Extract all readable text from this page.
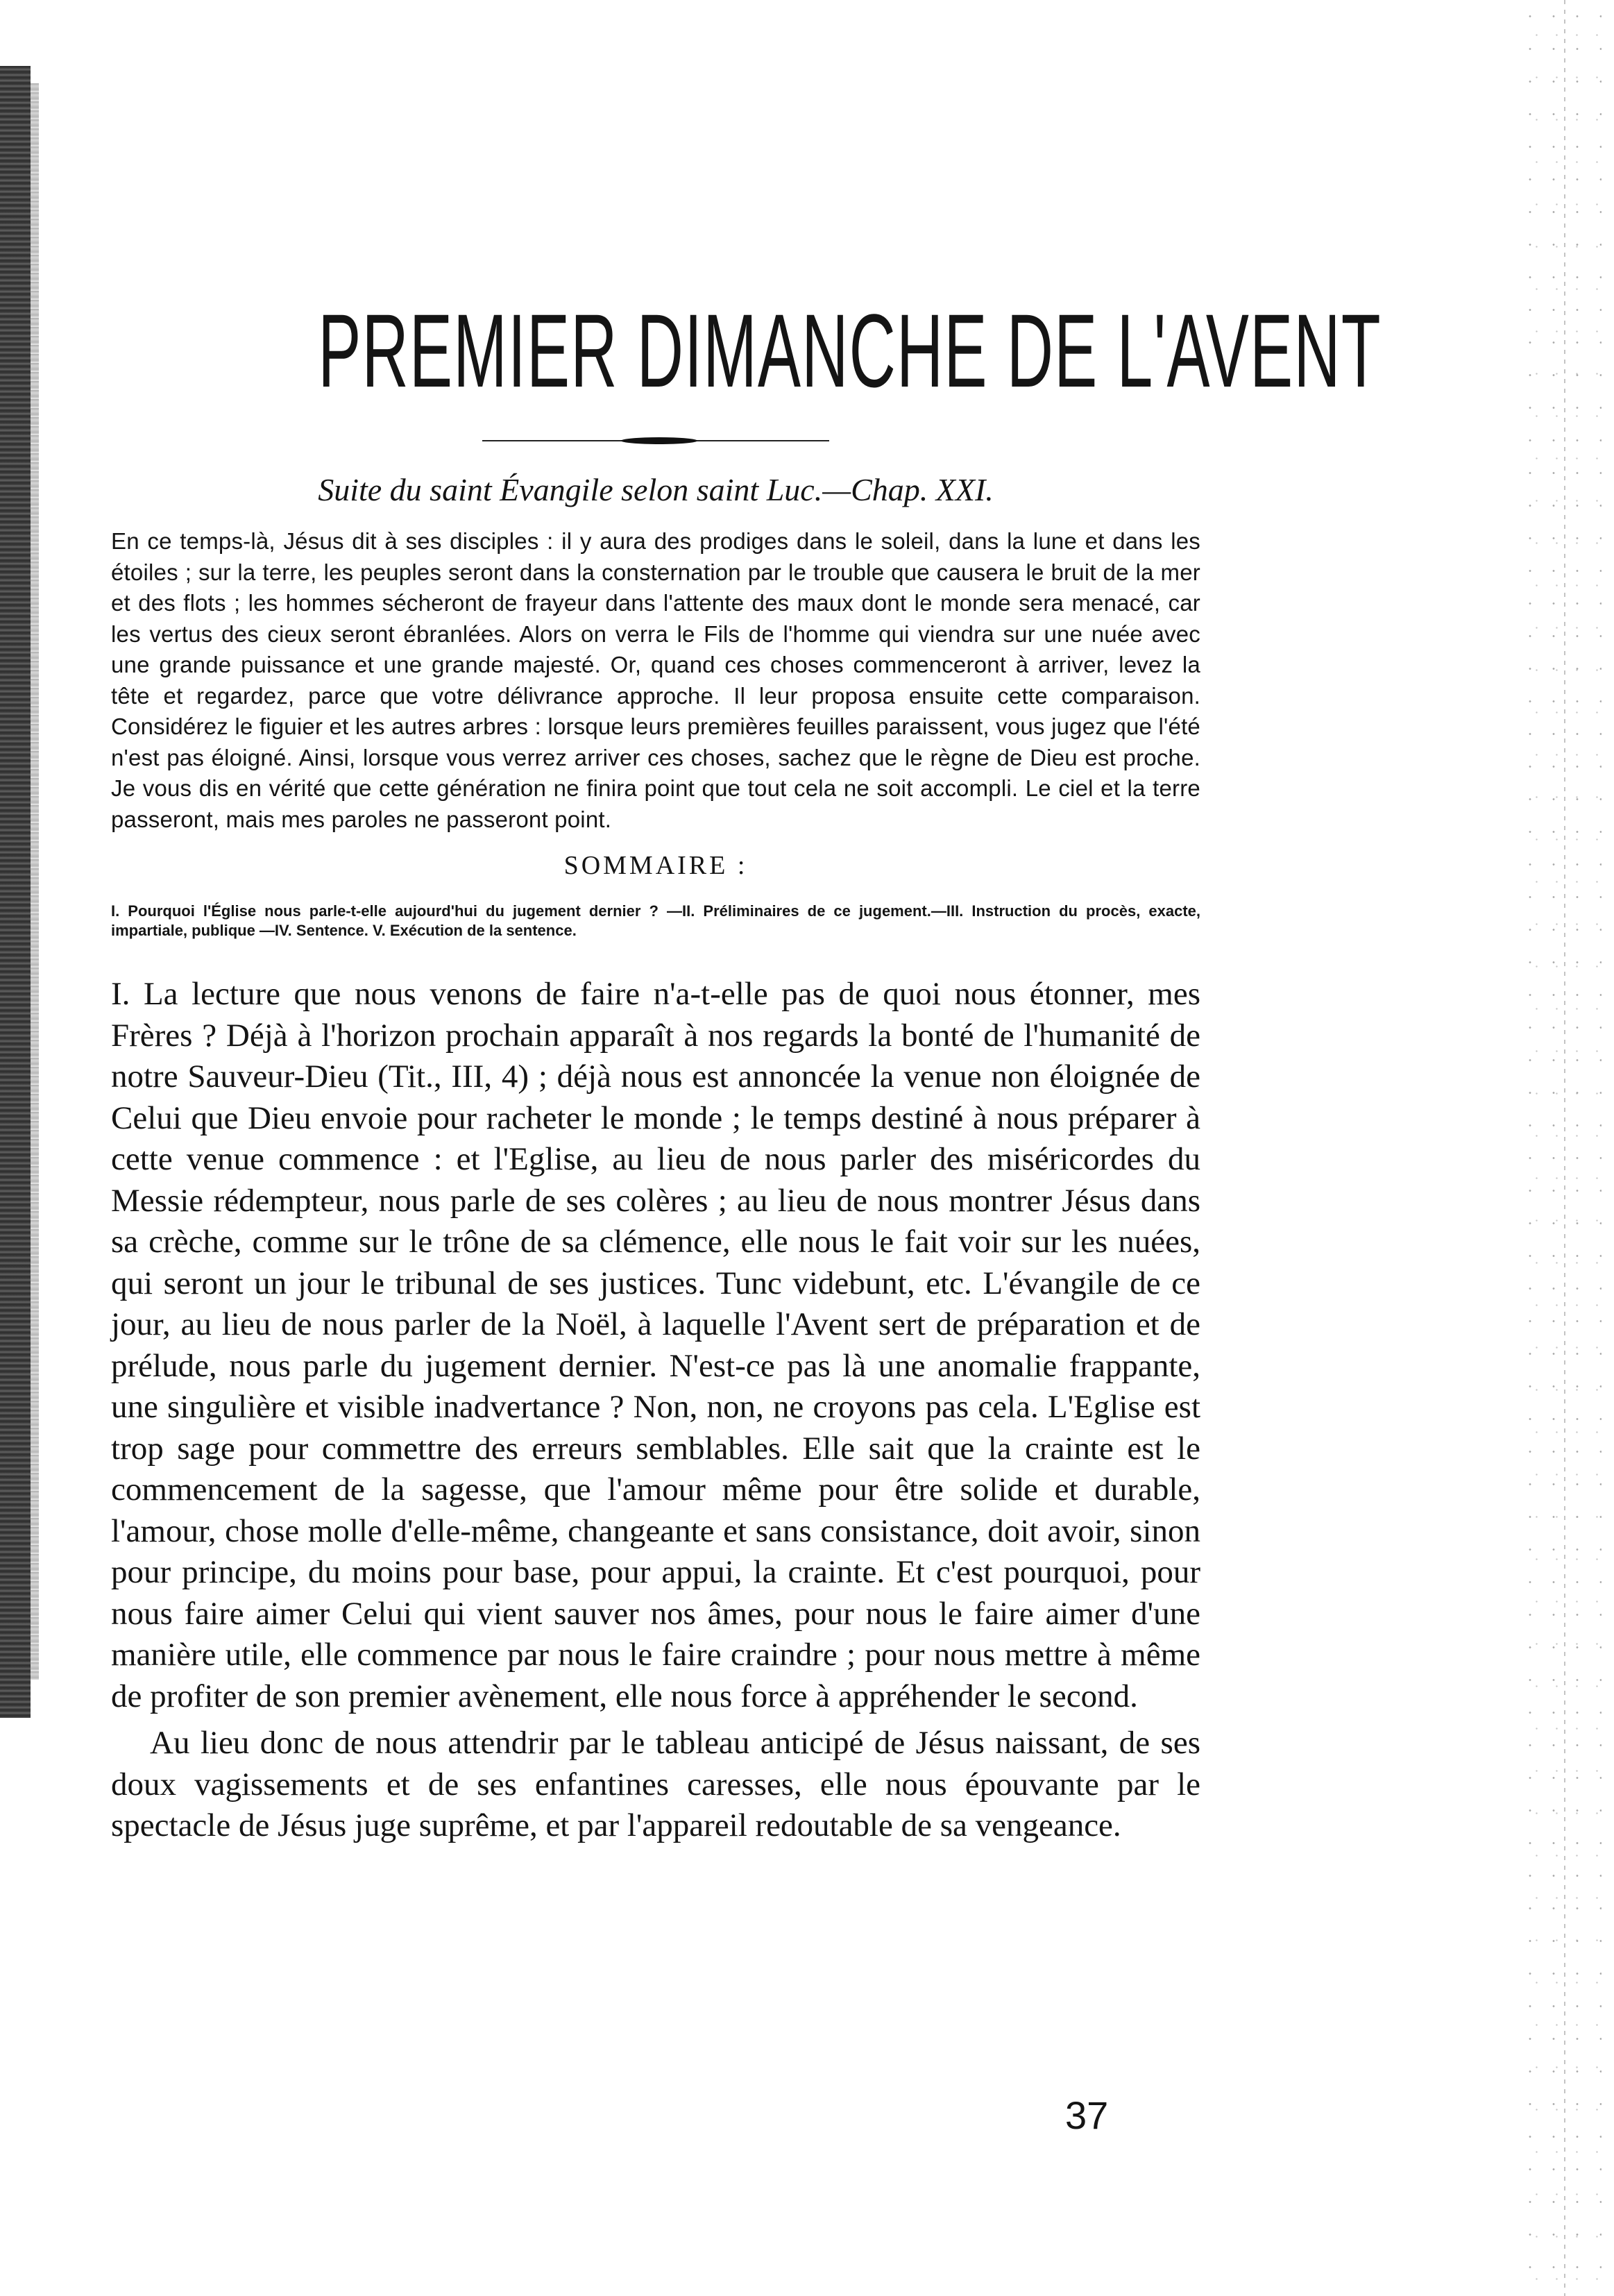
PREMIER DIMANCHE DE L'AVENT
Suite du saint Évangile selon saint Luc.—Chap. XXI.

En ce temps-là, Jésus dit à ses disciples : il y aura des prodiges dans le soleil, dans la lune et dans les étoiles ; sur la terre, les peuples seront dans la consternation par le trouble que causera le bruit de la mer et des flots ; les hommes sécheront de frayeur dans l'attente des maux dont le monde sera menacé, car les vertus des cieux seront ébranlées. Alors on verra le Fils de l'homme qui viendra sur une nuée avec une grande puissance et une grande majesté. Or, quand ces choses commenceront à arriver, levez la tête et regardez, parce que votre délivrance approche. Il leur proposa ensuite cette comparaison. Considérez le figuier et les autres arbres : lorsque leurs premières feuilles paraissent, vous jugez que l'été n'est pas éloigné. Ainsi, lorsque vous verrez arriver ces choses, sachez que le règne de Dieu est proche. Je vous dis en vérité que cette génération ne finira point que tout cela ne soit accompli. Le ciel et la terre passeront, mais mes paroles ne passeront point.

SOMMAIRE :

I. Pourquoi l'Église nous parle-t-elle aujourd'hui du jugement dernier ? —II. Préliminaires de ce jugement.—III. Instruction du procès, exacte, impartiale, publique —IV. Sentence. V. Exécution de la sentence.

I. La lecture que nous venons de faire n'a-t-elle pas de quoi nous étonner, mes Frères ? Déjà à l'horizon prochain apparaît à nos regards la bonté de l'humanité de notre Sauveur-Dieu (Tit., III, 4) ; déjà nous est annoncée la venue non éloignée de Celui que Dieu envoie pour racheter le monde ; le temps destiné à nous préparer à cette venue commence : et l'Eglise, au lieu de nous parler des miséricordes du Messie rédempteur, nous parle de ses colères ; au lieu de nous montrer Jésus dans sa crèche, comme sur le trône de sa clémence, elle nous le fait voir sur les nuées, qui seront un jour le tribunal de ses justices. Tunc videbunt, etc. L'évangile de ce jour, au lieu de nous parler de la Noël, à laquelle l'Avent sert de préparation et de prélude, nous parle du jugement dernier. N'est-ce pas là une anomalie frappante, une singulière et visible inadvertance ? Non, non, ne croyons pas cela. L'Eglise est trop sage pour commettre des erreurs semblables. Elle sait que la crainte est le commencement de la sagesse, que l'amour même pour être solide et durable, l'amour, chose molle d'elle-même, changeante et sans consistance, doit avoir, sinon pour principe, du moins pour base, pour appui, la crainte. Et c'est pourquoi, pour nous faire aimer Celui qui vient sauver nos âmes, pour nous le faire aimer d'une manière utile, elle commence par nous le faire craindre ; pour nous mettre à même de profiter de son premier avènement, elle nous force à appréhender le second.

Au lieu donc de nous attendrir par le tableau anticipé de Jésus naissant, de ses doux vagissements et de ses enfantines caresses, elle nous épouvante par le spectacle de Jésus juge suprême, et par l'appareil redoutable de sa vengeance.

37
